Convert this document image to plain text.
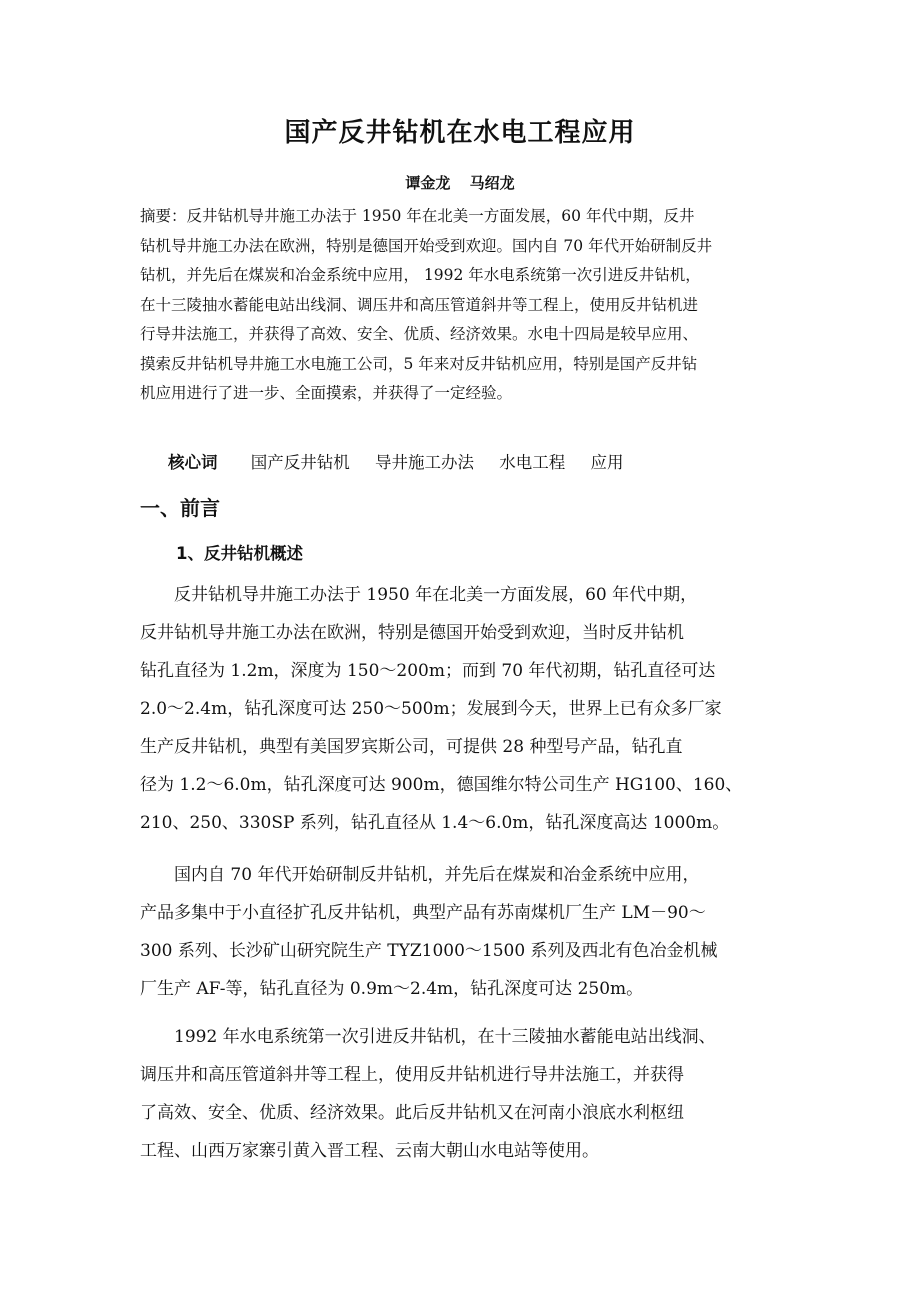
国产反井钻机在水电工程应用
谭金龙 马绍龙
摘要：反井钻机导井施工办法于 1950 年在北美一方面发展，60 年代中期，反井
钻机导井施工办法在欧洲，特别是德国开始受到欢迎。国内自 70 年代开始研制反井
钻机，并先后在煤炭和冶金系统中应用， 1992 年水电系统第一次引进反井钻机，
在十三陵抽水蓄能电站出线洞、调压井和高压管道斜井等工程上，使用反井钻机进
行导井法施工，并获得了高效、安全、优质、经济效果。水电十四局是较早应用、
摸索反井钻机导井施工水电施工公司，5 年来对反井钻机应用，特别是国产反井钻
机应用进行了进一步、全面摸索，并获得了一定经验。
核心词 国产反井钻机 导井施工办法 水电工程 应用
一、前言
1、反井钻机概述
　　反井钻机导井施工办法于 1950 年在北美一方面发展，60 年代中期，
反井钻机导井施工办法在欧洲，特别是德国开始受到欢迎，当时反井钻机
钻孔直径为 1.2m，深度为 150～200m；而到 70 年代初期，钻孔直径可达
2.0～2.4m，钻孔深度可达 250～500m；发展到今天，世界上已有众多厂家
生产反井钻机，典型有美国罗宾斯公司，可提供 28 种型号产品，钻孔直
径为 1.2～6.0m，钻孔深度可达 900m，德国维尔特公司生产 HG100、160、
210、250、330SP 系列，钻孔直径从 1.4～6.0m，钻孔深度高达 1000m。
　　国内自 70 年代开始研制反井钻机，并先后在煤炭和冶金系统中应用，
产品多集中于小直径扩孔反井钻机，典型产品有苏南煤机厂生产 LM－90～
300 系列、长沙矿山研究院生产 TYZ1000～1500 系列及西北有色冶金机械
厂生产 AF-等，钻孔直径为 0.9m～2.4m，钻孔深度可达 250m。
　　1992 年水电系统第一次引进反井钻机，在十三陵抽水蓄能电站出线洞、
调压井和高压管道斜井等工程上，使用反井钻机进行导井法施工，并获得
了高效、安全、优质、经济效果。此后反井钻机又在河南小浪底水利枢纽
工程、山西万家寨引黄入晋工程、云南大朝山水电站等使用。
